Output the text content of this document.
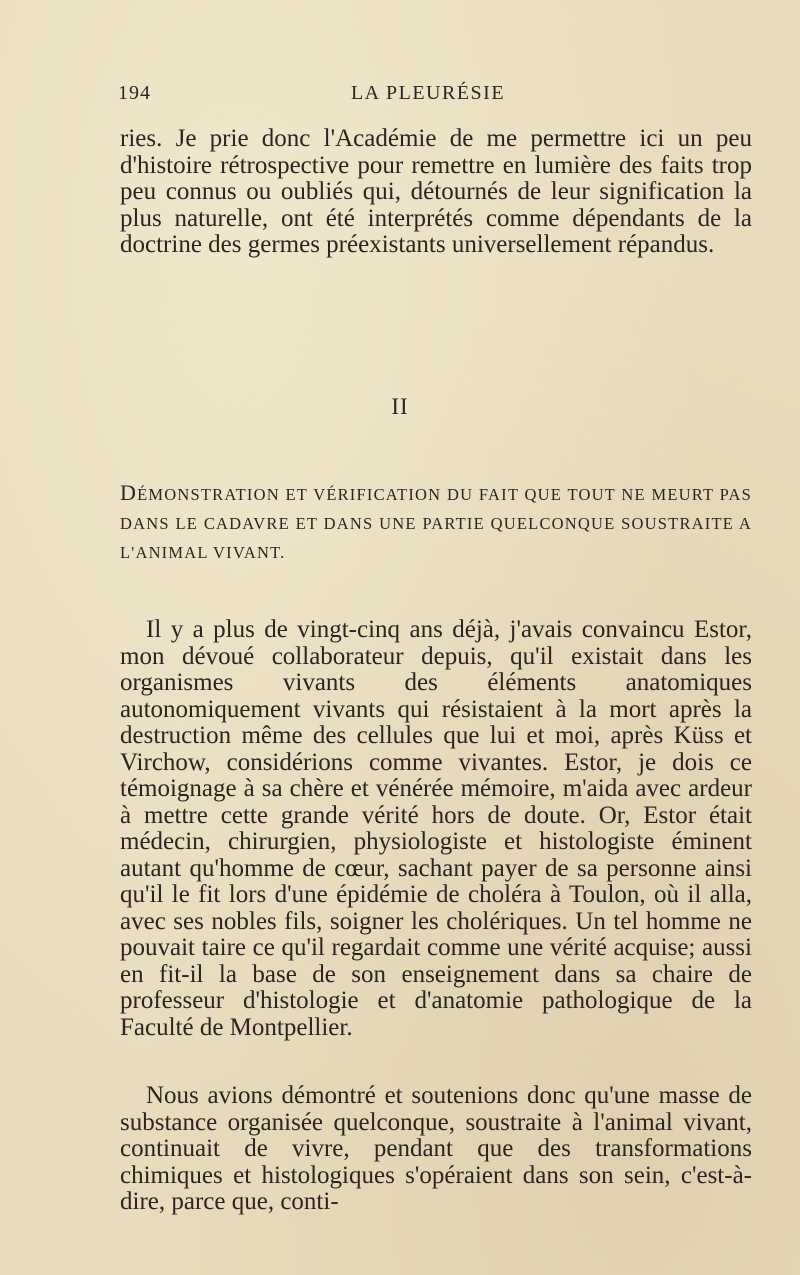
194	LA PLEURÉSIE

ries. Je prie donc l'Académie de me permettre ici un peu d'histoire rétrospective pour remettre en lumière des faits trop peu connus ou oubliés qui, détournés de leur signification la plus naturelle, ont été interprétés comme dépendants de la doctrine des germes préexistants universellement répandus.

II

DÉMONSTRATION ET VÉRIFICATION DU FAIT QUE TOUT NE MEURT PAS DANS LE CADAVRE ET DANS UNE PARTIE QUELCONQUE SOUSTRAITE A L'ANIMAL VIVANT.

Il y a plus de vingt-cinq ans déjà, j'avais convaincu Estor, mon dévoué collaborateur depuis, qu'il existait dans les organismes vivants des éléments anatomiques autonomiquement vivants qui résistaient à la mort après la destruction même des cellules que lui et moi, après Küss et Virchow, considérions comme vivantes. Estor, je dois ce témoignage à sa chère et vénérée mémoire, m'aida avec ardeur à mettre cette grande vérité hors de doute. Or, Estor était médecin, chirurgien, physiologiste et histologiste éminent autant qu'homme de cœur, sachant payer de sa personne ainsi qu'il le fit lors d'une épidémie de choléra à Toulon, où il alla, avec ses nobles fils, soigner les cholériques. Un tel homme ne pouvait taire ce qu'il regardait comme une vérité acquise; aussi en fit-il la base de son enseignement dans sa chaire de professeur d'histologie et d'anatomie pathologique de la Faculté de Montpellier.

Nous avions démontré et soutenions donc qu'une masse de substance organisée quelconque, soustraite à l'animal vivant, continuait de vivre, pendant que des transformations chimiques et histologiques s'opéraient dans son sein, c'est-à-dire, parce que, conti-
